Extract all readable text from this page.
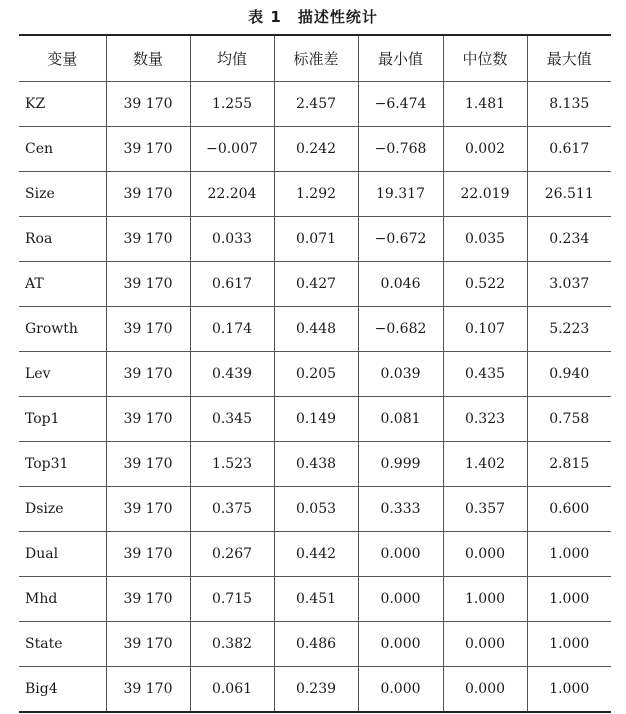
表 1 描述性统计
变量	数量	均值	标准差	最小值	中位数	最大值
KZ	39 170	1.255	2.457	−6.474	1.481	8.135
Cen	39 170	−0.007	0.242	−0.768	0.002	0.617
Size	39 170	22.204	1.292	19.317	22.019	26.511
Roa	39 170	0.033	0.071	−0.672	0.035	0.234
AT	39 170	0.617	0.427	0.046	0.522	3.037
Growth	39 170	0.174	0.448	−0.682	0.107	5.223
Lev	39 170	0.439	0.205	0.039	0.435	0.940
Top1	39 170	0.345	0.149	0.081	0.323	0.758
Top31	39 170	1.523	0.438	0.999	1.402	2.815
Dsize	39 170	0.375	0.053	0.333	0.357	0.600
Dual	39 170	0.267	0.442	0.000	0.000	1.000
Mhd	39 170	0.715	0.451	0.000	1.000	1.000
State	39 170	0.382	0.486	0.000	0.000	1.000
Big4	39 170	0.061	0.239	0.000	0.000	1.000
